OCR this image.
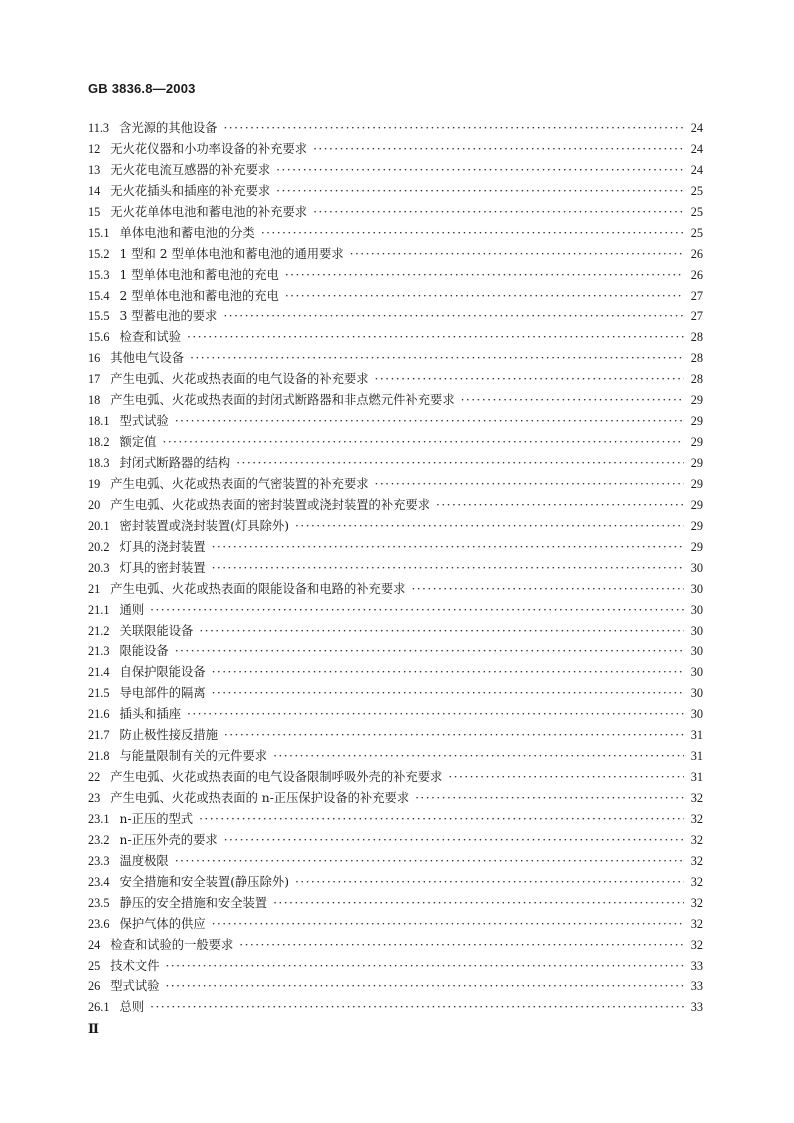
GB 3836.8—2003
11.3 含光源的其他设备 ·····	24
12 无火花仪器和小功率设备的补充要求 ·····	24
13 无火花电流互感器的补充要求 ·····	24
14 无火花插头和插座的补充要求 ·····	25
15 无火花单体电池和蓄电池的补充要求 ·····	25
15.1 单体电池和蓄电池的分类 ·····	25
15.2 1 型和 2 型单体电池和蓄电池的通用要求 ·····	26
15.3 1 型单体电池和蓄电池的充电 ·····	26
15.4 2 型单体电池和蓄电池的充电 ·····	27
15.5 3 型蓄电池的要求 ·····	27
15.6 检查和试验 ·····	28
16 其他电气设备 ·····	28
17 产生电弧、火花或热表面的电气设备的补充要求 ·····	28
18 产生电弧、火花或热表面的封闭式断路器和非点燃元件补充要求 ·····	29
18.1 型式试验 ·····	29
18.2 额定值 ·····	29
18.3 封闭式断路器的结构 ·····	29
19 产生电弧、火花或热表面的气密装置的补充要求 ·····	29
20 产生电弧、火花或热表面的密封装置或浇封装置的补充要求 ·····	29
20.1 密封装置或浇封装置(灯具除外) ·····	29
20.2 灯具的浇封装置 ·····	29
20.3 灯具的密封装置 ·····	30
21 产生电弧、火花或热表面的限能设备和电路的补充要求 ·····	30
21.1 通则 ·····	30
21.2 关联限能设备 ·····	30
21.3 限能设备 ·····	30
21.4 自保护限能设备 ·····	30
21.5 导电部件的隔离 ·····	30
21.6 插头和插座 ·····	30
21.7 防止极性接反措施 ·····	31
21.8 与能量限制有关的元件要求 ·····	31
22 产生电弧、火花或热表面的电气设备限制呼吸外壳的补充要求 ·····	31
23 产生电弧、火花或热表面的 n-正压保护设备的补充要求 ·····	32
23.1 n-正压的型式 ·····	32
23.2 n-正压外壳的要求 ·····	32
23.3 温度极限 ·····	32
23.4 安全措施和安全装置(静压除外) ·····	32
23.5 静压的安全措施和安全装置 ·····	32
23.6 保护气体的供应 ·····	32
24 检查和试验的一般要求 ·····	32
25 技术文件 ·····	33
26 型式试验 ·····	33
26.1 总则 ·····	33
Ⅱ
